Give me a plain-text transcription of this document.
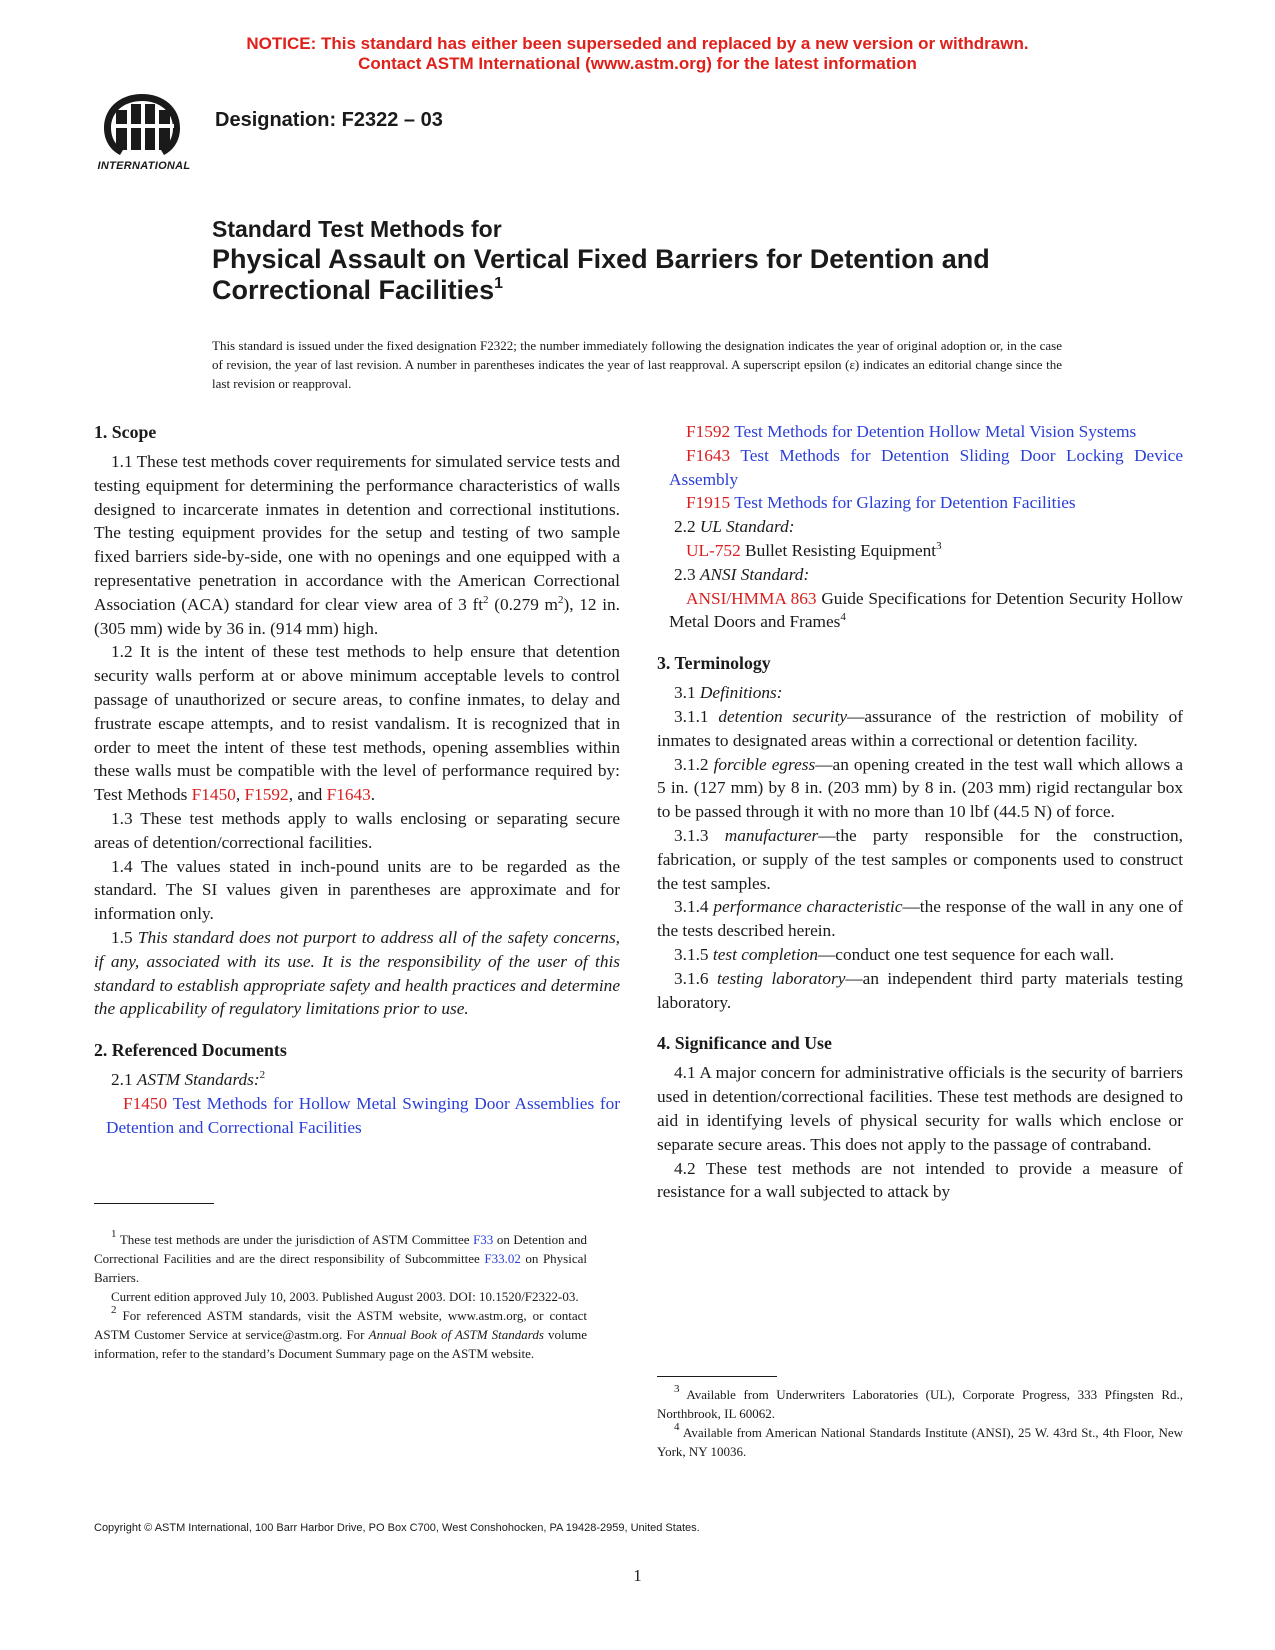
NOTICE: This standard has either been superseded and replaced by a new version or withdrawn.
Contact ASTM International (www.astm.org) for the latest information
INTERNATIONAL
Designation: F2322 – 03
Standard Test Methods for
Physical Assault on Vertical Fixed Barriers for Detention and Correctional Facilities$^1$
This standard is issued under the fixed designation F2322; the number immediately following the designation indicates the year of original adoption or, in the case of revision, the year of last revision. A number in parentheses indicates the year of last reapproval. A superscript epsilon (ε) indicates an editorial change since the last revision or reapproval.
1. Scope

1.1 These test methods cover requirements for simulated service tests and testing equipment for determining the performance characteristics of walls designed to incarcerate inmates in detention and correctional institutions. The testing equipment provides for the setup and testing of two sample fixed barriers side-by-side, one with no openings and one equipped with a representative penetration in accordance with the American Correctional Association (ACA) standard for clear view area of 3 $ft^2$ (0.279 $m^2$), 12 in. (305 mm) wide by 36 in. (914 mm) high.

1.2 It is the intent of these test methods to help ensure that detention security walls perform at or above minimum acceptable levels to control passage of unauthorized or secure areas, to confine inmates, to delay and frustrate escape attempts, and to resist vandalism. It is recognized that in order to meet the intent of these test methods, opening assemblies within these walls must be compatible with the level of performance required by: Test Methods F1450, F1592, and F1643.

1.3 These test methods apply to walls enclosing or separating secure areas of detention/correctional facilities.

1.4 The values stated in inch-pound units are to be regarded as the standard. The SI values given in parentheses are approximate and for information only.

1.5 This standard does not purport to address all of the safety concerns, if any, associated with its use. It is the responsibility of the user of this standard to establish appropriate safety and health practices and determine the applicability of regulatory limitations prior to use.

2. Referenced Documents

2.1 ASTM Standards:$^2$

F1450 Test Methods for Hollow Metal Swinging Door Assemblies for Detention and Correctional Facilities

$^1$ These test methods are under the jurisdiction of ASTM Committee F33 on Detention and Correctional Facilities and are the direct responsibility of Subcommittee F33.02 on Physical Barriers.

Current edition approved July 10, 2003. Published August 2003. DOI: 10.1520/F2322-03.

$^2$ For referenced ASTM standards, visit the ASTM website, www.astm.org, or contact ASTM Customer Service at service@astm.org. For Annual Book of ASTM Standards volume information, refer to the standard’s Document Summary page on the ASTM website.

F1592 Test Methods for Detention Hollow Metal Vision Systems

F1643 Test Methods for Detention Sliding Door Locking Device Assembly

F1915 Test Methods for Glazing for Detention Facilities

2.2 UL Standard:

UL-752 Bullet Resisting Equipment$^3$

2.3 ANSI Standard:

ANSI/HMMA 863 Guide Specifications for Detention Security Hollow Metal Doors and Frames$^4$

3. Terminology

3.1 Definitions:

3.1.1 detention security—assurance of the restriction of mobility of inmates to designated areas within a correctional or detention facility.

3.1.2 forcible egress—an opening created in the test wall which allows a 5 in. (127 mm) by 8 in. (203 mm) by 8 in. (203 mm) rigid rectangular box to be passed through it with no more than 10 lbf (44.5 N) of force.

3.1.3 manufacturer—the party responsible for the construction, fabrication, or supply of the test samples or components used to construct the test samples.

3.1.4 performance characteristic—the response of the wall in any one of the tests described herein.

3.1.5 test completion—conduct one test sequence for each wall.

3.1.6 testing laboratory—an independent third party materials testing laboratory.

4. Significance and Use

4.1 A major concern for administrative officials is the security of barriers used in detention/correctional facilities. These test methods are designed to aid in identifying levels of physical security for walls which enclose or separate secure areas. This does not apply to the passage of contraband.

4.2 These test methods are not intended to provide a measure of resistance for a wall subjected to attack by

$^3$ Available from Underwriters Laboratories (UL), Corporate Progress, 333 Pfingsten Rd., Northbrook, IL 60062.

$^4$ Available from American National Standards Institute (ANSI), 25 W. 43rd St., 4th Floor, New York, NY 10036.

Copyright © ASTM International, 100 Barr Harbor Drive, PO Box C700, West Conshohocken, PA 19428-2959, United States.
1
